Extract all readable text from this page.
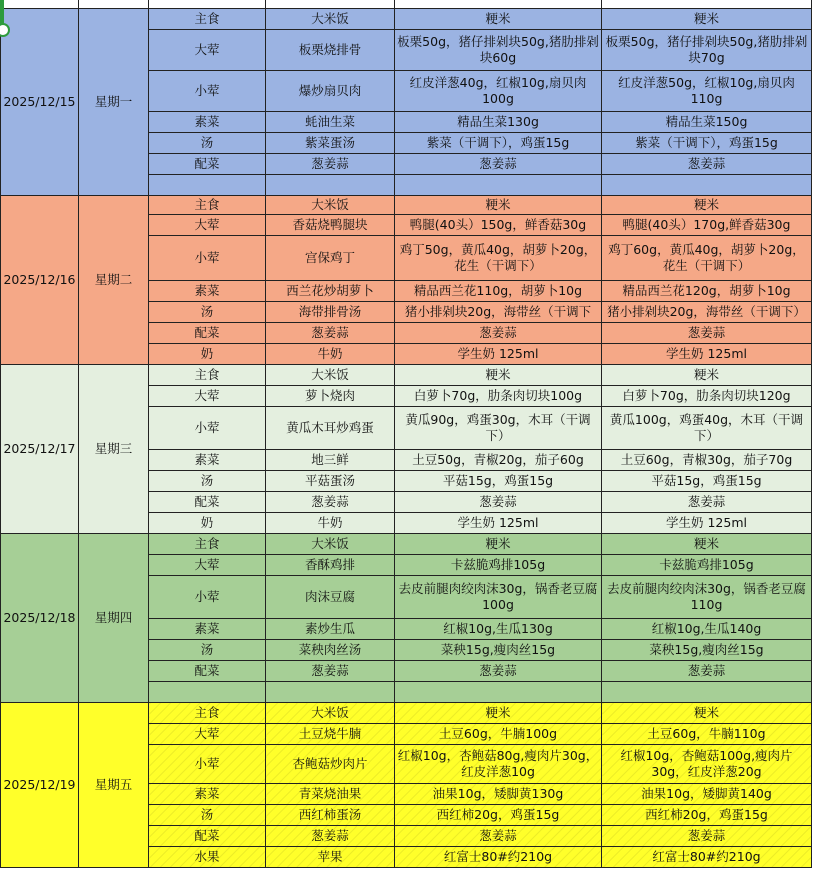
2025/12/15	星期一	主食	大米饭	粳米	粳米
		大荤	板栗烧排骨	板栗50g，猪仔排剁块50g,猪肋排剁块60g	板栗50g，猪仔排剁块50g,猪肋排剁块70g
		小荤	爆炒扇贝肉	红皮洋葱40g，红椒10g,扇贝肉100g	红皮洋葱50g，红椒10g,扇贝肉110g
		素菜	蚝油生菜	精品生菜130g	精品生菜150g
		汤	紫菜蛋汤	紫菜（干调下），鸡蛋15g	紫菜（干调下），鸡蛋15g
		配菜	葱姜蒜	葱姜蒜	葱姜蒜

2025/12/16	星期二	主食	大米饭	粳米	粳米
		大荤	香菇烧鸭腿块	鸭腿(40头）150g，鲜香菇30g	鸭腿(40头）170g,鲜香菇30g
		小荤	宫保鸡丁	鸡丁50g，黄瓜40g，胡萝卜20g，花生（干调下）	鸡丁60g，黄瓜40g，胡萝卜20g，花生（干调下）
		素菜	西兰花炒胡萝卜	精品西兰花110g，胡萝卜10g	精品西兰花120g，胡萝卜10g
		汤	海带排骨汤	猪小排剁块20g，海带丝（干调下	猪小排剁块20g，海带丝（干调下）
		配菜	葱姜蒜	葱姜蒜	葱姜蒜
		奶	牛奶	学生奶 125ml	学生奶 125ml
2025/12/17	星期三	主食	大米饭	粳米	粳米
		大荤	萝卜烧肉	白萝卜70g，肋条肉切块100g	白萝卜70g，肋条肉切块120g
		小荤	黄瓜木耳炒鸡蛋	黄瓜90g，鸡蛋30g，木耳（干调下）	黄瓜100g，鸡蛋40g，木耳（干调下）
		素菜	地三鲜	土豆50g，青椒20g，茄子60g	土豆60g，青椒30g，茄子70g
		汤	平菇蛋汤	平菇15g，鸡蛋15g	平菇15g，鸡蛋15g
		配菜	葱姜蒜	葱姜蒜	葱姜蒜
		奶	牛奶	学生奶 125ml	学生奶 125ml
2025/12/18	星期四	主食	大米饭	粳米	粳米
		大荤	香酥鸡排	卡兹脆鸡排105g	卡兹脆鸡排105g
		小荤	肉沫豆腐	去皮前腿肉绞肉沫30g，锅香老豆腐100g	去皮前腿肉绞肉沫30g，锅香老豆腐110g
		素菜	素炒生瓜	红椒10g,生瓜130g	红椒10g,生瓜140g
		汤	菜秧肉丝汤	菜秧15g,瘦肉丝15g	菜秧15g,瘦肉丝15g
		配菜	葱姜蒜	葱姜蒜	葱姜蒜

2025/12/19	星期五	主食	大米饭	粳米	粳米
		大荤	土豆烧牛腩	土豆60g，牛腩100g	土豆60g，牛腩110g
		小荤	杏鲍菇炒肉片	红椒10g，杏鲍菇80g,瘦肉片30g，红皮洋葱10g	红椒10g，杏鲍菇100g,瘦肉片30g，红皮洋葱20g
		素菜	青菜烧油果	油果10g，矮脚黄130g	油果10g，矮脚黄140g
		汤	西红柿蛋汤	西红柿20g，鸡蛋15g	西红柿20g，鸡蛋15g
		配菜	葱姜蒜	葱姜蒜	葱姜蒜
		水果	苹果	红富士80#约210g	红富士80#约210g
